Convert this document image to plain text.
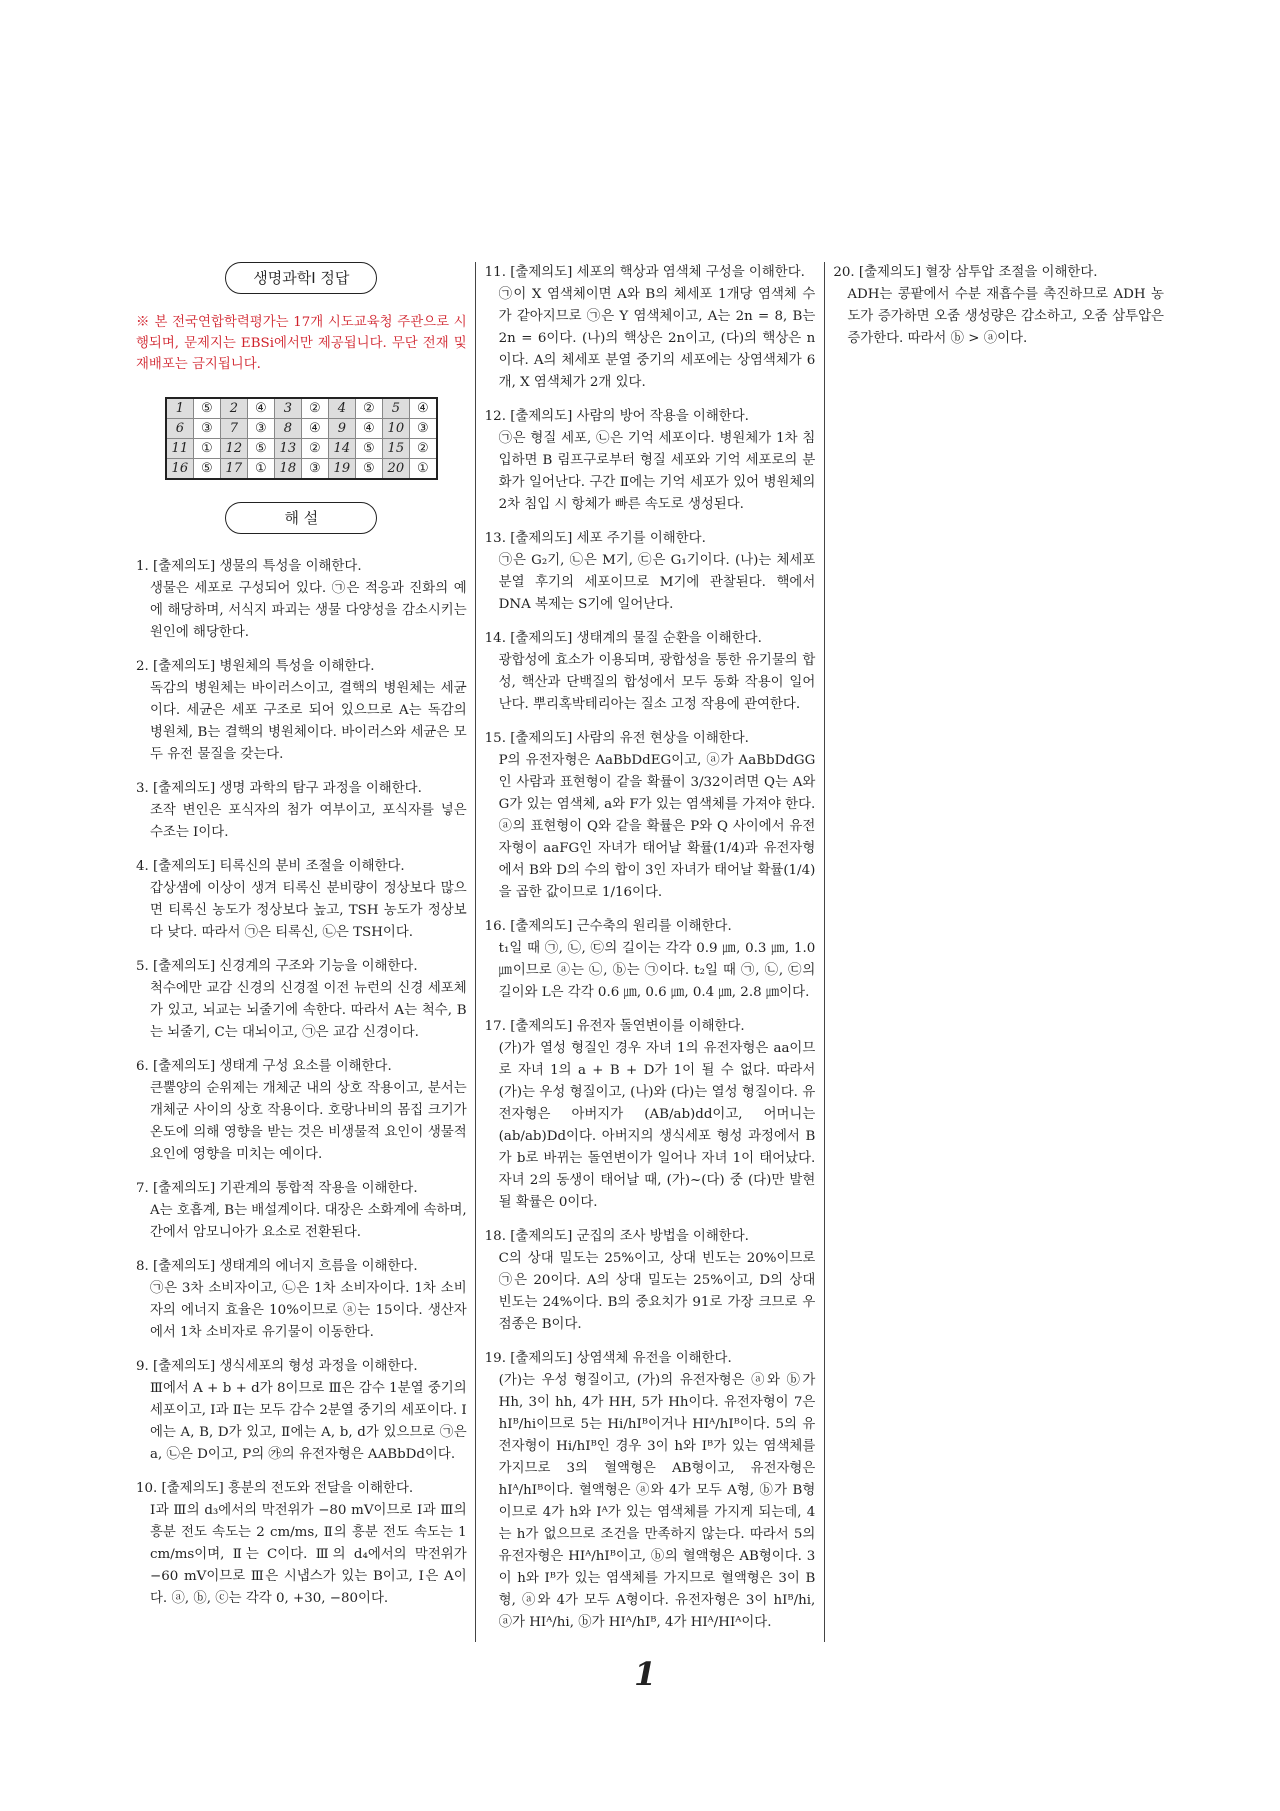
생명과학Ⅰ 정답
※ 본 전국연합학력평가는 17개 시도교육청 주관으로 시행되며, 문제지는 EBSi에서만 제공됩니다. 무단 전재 및 재배포는 금지됩니다.
1	⑤	2	④	3	②	4	②	5	④
6	③	7	③	8	④	9	④	10	③
11	①	12	⑤	13	②	14	⑤	15	②
16	⑤	17	①	18	③	19	⑤	20	①
해 설
1. [출제의도] 생물의 특성을 이해한다.
생물은 세포로 구성되어 있다. ㉠은 적응과 진화의 예에 해당하며, 서식지 파괴는 생물 다양성을 감소시키는 원인에 해당한다.
2. [출제의도] 병원체의 특성을 이해한다.
독감의 병원체는 바이러스이고, 결핵의 병원체는 세균이다. 세균은 세포 구조로 되어 있으므로 A는 독감의 병원체, B는 결핵의 병원체이다. 바이러스와 세균은 모두 유전 물질을 갖는다.
3. [출제의도] 생명 과학의 탐구 과정을 이해한다.
조작 변인은 포식자의 첨가 여부이고, 포식자를 넣은 수조는 Ⅰ이다.
4. [출제의도] 티록신의 분비 조절을 이해한다.
갑상샘에 이상이 생겨 티록신 분비량이 정상보다 많으면 티록신 농도가 정상보다 높고, TSH 농도가 정상보다 낮다. 따라서 ㉠은 티록신, ㉡은 TSH이다.
5. [출제의도] 신경계의 구조와 기능을 이해한다.
척수에만 교감 신경의 신경절 이전 뉴런의 신경 세포체가 있고, 뇌교는 뇌줄기에 속한다. 따라서 A는 척수, B는 뇌줄기, C는 대뇌이고, ㉠은 교감 신경이다.
6. [출제의도] 생태계 구성 요소를 이해한다.
큰뿔양의 순위제는 개체군 내의 상호 작용이고, 분서는 개체군 사이의 상호 작용이다. 호랑나비의 몸집 크기가 온도에 의해 영향을 받는 것은 비생물적 요인이 생물적 요인에 영향을 미치는 예이다.
7. [출제의도] 기관계의 통합적 작용을 이해한다.
A는 호흡계, B는 배설계이다. 대장은 소화계에 속하며, 간에서 암모니아가 요소로 전환된다.
8. [출제의도] 생태계의 에너지 흐름을 이해한다.
㉠은 3차 소비자이고, ㉡은 1차 소비자이다. 1차 소비자의 에너지 효율은 10%이므로 ⓐ는 15이다. 생산자에서 1차 소비자로 유기물이 이동한다.
9. [출제의도] 생식세포의 형성 과정을 이해한다.
Ⅲ에서 A + b + d가 8이므로 Ⅲ은 감수 1분열 중기의 세포이고, Ⅰ과 Ⅱ는 모두 감수 2분열 중기의 세포이다. Ⅰ에는 A, B, D가 있고, Ⅱ에는 A, b, d가 있으므로 ㉠은 a, ㉡은 D이고, P의 ㉮의 유전자형은 AABbDd이다.
10. [출제의도] 흥분의 전도와 전달을 이해한다.
Ⅰ과 Ⅲ의 d₃에서의 막전위가 −80 mV이므로 Ⅰ과 Ⅲ의 흥분 전도 속도는 2 cm/ms, Ⅱ의 흥분 전도 속도는 1 cm/ms이며, Ⅱ는 C이다. Ⅲ의 d₄에서의 막전위가 −60 mV이므로 Ⅲ은 시냅스가 있는 B이고, Ⅰ은 A이다. ⓐ, ⓑ, ⓒ는 각각 0, +30, −80이다.
11. [출제의도] 세포의 핵상과 염색체 구성을 이해한다.
㉠이 X 염색체이면 A와 B의 체세포 1개당 염색체 수가 같아지므로 ㉠은 Y 염색체이고, A는 2n = 8, B는 2n = 6이다. (나)의 핵상은 2n이고, (다)의 핵상은 n이다. A의 체세포 분열 중기의 세포에는 상염색체가 6개, X 염색체가 2개 있다.
12. [출제의도] 사람의 방어 작용을 이해한다.
㉠은 형질 세포, ㉡은 기억 세포이다. 병원체가 1차 침입하면 B 림프구로부터 형질 세포와 기억 세포로의 분화가 일어난다. 구간 Ⅱ에는 기억 세포가 있어 병원체의 2차 침입 시 항체가 빠른 속도로 생성된다.
13. [출제의도] 세포 주기를 이해한다.
㉠은 G₂기, ㉡은 M기, ㉢은 G₁기이다. (나)는 체세포 분열 후기의 세포이므로 M기에 관찰된다. 핵에서 DNA 복제는 S기에 일어난다.
14. [출제의도] 생태계의 물질 순환을 이해한다.
광합성에 효소가 이용되며, 광합성을 통한 유기물의 합성, 핵산과 단백질의 합성에서 모두 동화 작용이 일어난다. 뿌리혹박테리아는 질소 고정 작용에 관여한다.
15. [출제의도] 사람의 유전 현상을 이해한다.
P의 유전자형은 AaBbDdEG이고, ⓐ가 AaBbDdGG인 사람과 표현형이 같을 확률이 3/32이려면 Q는 A와 G가 있는 염색체, a와 F가 있는 염색체를 가져야 한다. ⓐ의 표현형이 Q와 같을 확률은 P와 Q 사이에서 유전자형이 aaFG인 자녀가 태어날 확률(1/4)과 유전자형에서 B와 D의 수의 합이 3인 자녀가 태어날 확률(1/4)을 곱한 값이므로 1/16이다.
16. [출제의도] 근수축의 원리를 이해한다.
t₁일 때 ㉠, ㉡, ㉢의 길이는 각각 0.9 ㎛, 0.3 ㎛, 1.0 ㎛이므로 ⓐ는 ㉡, ⓑ는 ㉠이다. t₂일 때 ㉠, ㉡, ㉢의 길이와 L은 각각 0.6 ㎛, 0.6 ㎛, 0.4 ㎛, 2.8 ㎛이다.
17. [출제의도] 유전자 돌연변이를 이해한다.
(가)가 열성 형질인 경우 자녀 1의 유전자형은 aa이므로 자녀 1의 a + B + D가 1이 될 수 없다. 따라서 (가)는 우성 형질이고, (나)와 (다)는 열성 형질이다. 유전자형은 아버지가 (AB/ab)dd이고, 어머니는 (ab/ab)Dd이다. 아버지의 생식세포 형성 과정에서 B가 b로 바뀌는 돌연변이가 일어나 자녀 1이 태어났다. 자녀 2의 동생이 태어날 때, (가)~(다) 중 (다)만 발현될 확률은 0이다.
18. [출제의도] 군집의 조사 방법을 이해한다.
C의 상대 밀도는 25%이고, 상대 빈도는 20%이므로 ㉠은 20이다. A의 상대 밀도는 25%이고, D의 상대 빈도는 24%이다. B의 중요치가 91로 가장 크므로 우점종은 B이다.
19. [출제의도] 상염색체 유전을 이해한다.
(가)는 우성 형질이고, (가)의 유전자형은 ⓐ와 ⓑ가 Hh, 3이 hh, 4가 HH, 5가 Hh이다. 유전자형이 7은 hIᴮ/hi이므로 5는 Hi/hIᴮ이거나 HIᴬ/hIᴮ이다. 5의 유전자형이 Hi/hIᴮ인 경우 3이 h와 Iᴮ가 있는 염색체를 가지므로 3의 혈액형은 AB형이고, 유전자형은 hIᴬ/hIᴮ이다. 혈액형은 ⓐ와 4가 모두 A형, ⓑ가 B형이므로 4가 h와 Iᴬ가 있는 염색체를 가지게 되는데, 4는 h가 없으므로 조건을 만족하지 않는다. 따라서 5의 유전자형은 HIᴬ/hIᴮ이고, ⓑ의 혈액형은 AB형이다. 3이 h와 Iᴮ가 있는 염색체를 가지므로 혈액형은 3이 B형, ⓐ와 4가 모두 A형이다. 유전자형은 3이 hIᴮ/hi, ⓐ가 HIᴬ/hi, ⓑ가 HIᴬ/hIᴮ, 4가 HIᴬ/HIᴬ이다.
20. [출제의도] 혈장 삼투압 조절을 이해한다.
ADH는 콩팥에서 수분 재흡수를 촉진하므로 ADH 농도가 증가하면 오줌 생성량은 감소하고, 오줌 삼투압은 증가한다. 따라서 ⓑ > ⓐ이다.
1
